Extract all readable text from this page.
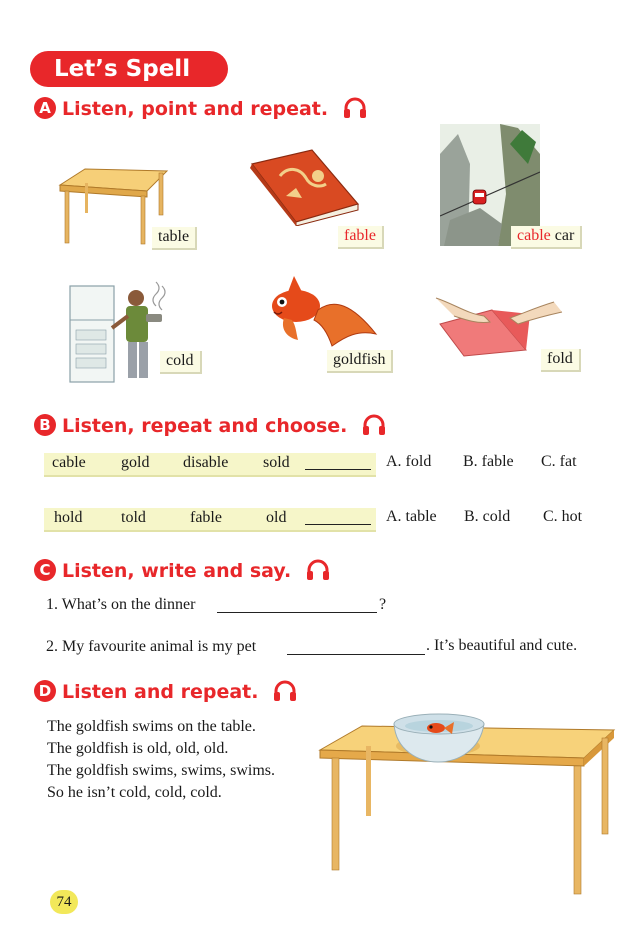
Let’s Spell
A Listen, point and repeat.
table	fable	cable car
cold	goldfish	fold
B Listen, repeat and choose.
cable gold disable sold	A. fold B. fable C. fat
hold told	fable	old	A. table B. cold C. hot
C Listen, write and say.
1. What’s on the dinner	?
2. My favourite animal is my pet	. It’s beautiful and cute.
D Listen and repeat.
The goldfish swims on the table.
The goldfish is old, old, old.
The goldfish swims, swims, swims.
So he isn’t cold, cold, cold.
74
